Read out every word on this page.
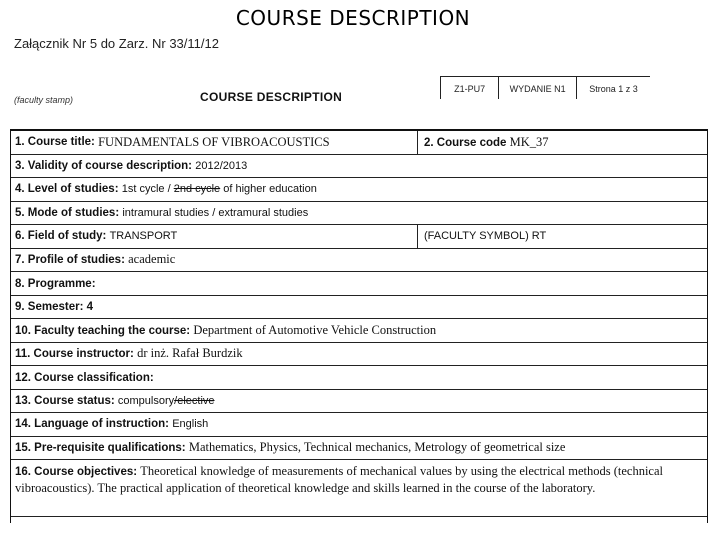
COURSE DESCRIPTION
Załącznik Nr 5 do Zarz. Nr 33/11/12
(faculty stamp)	COURSE DESCRIPTION
Z1-PU7	WYDANIE N1	Strona 1 z 3
1. Course title:
FUNDAMENTALS OF VIBROACOUSTICS	2. Course code MK_37
3. Validity of course description: 2012/2013
4. Level of studies: 1st cycle / 2nd cycle of higher education
5. Mode of studies: intramural studies / extramural studies
6. Field of study:
TRANSPORT	(FACULTY SYMBOL) RT
7. Profile of studies: academic
8. Programme:
9. Semester: 4
10. Faculty teaching the course: Department of Automotive Vehicle Construction
11. Course instructor: dr inż. Rafał Burdzik
12. Course classification:
13. Course status: compulsory/elective
14. Language of instruction: English
15. Pre-requisite qualifications: Mathematics, Physics, Technical mechanics, Metrology of geometrical size
16. Course objectives: Theoretical knowledge of measurements of mechanical values by using the electrical methods (technical vibroacoustics). The practical application of theoretical knowledge and skills learned in the course of the laboratory.
